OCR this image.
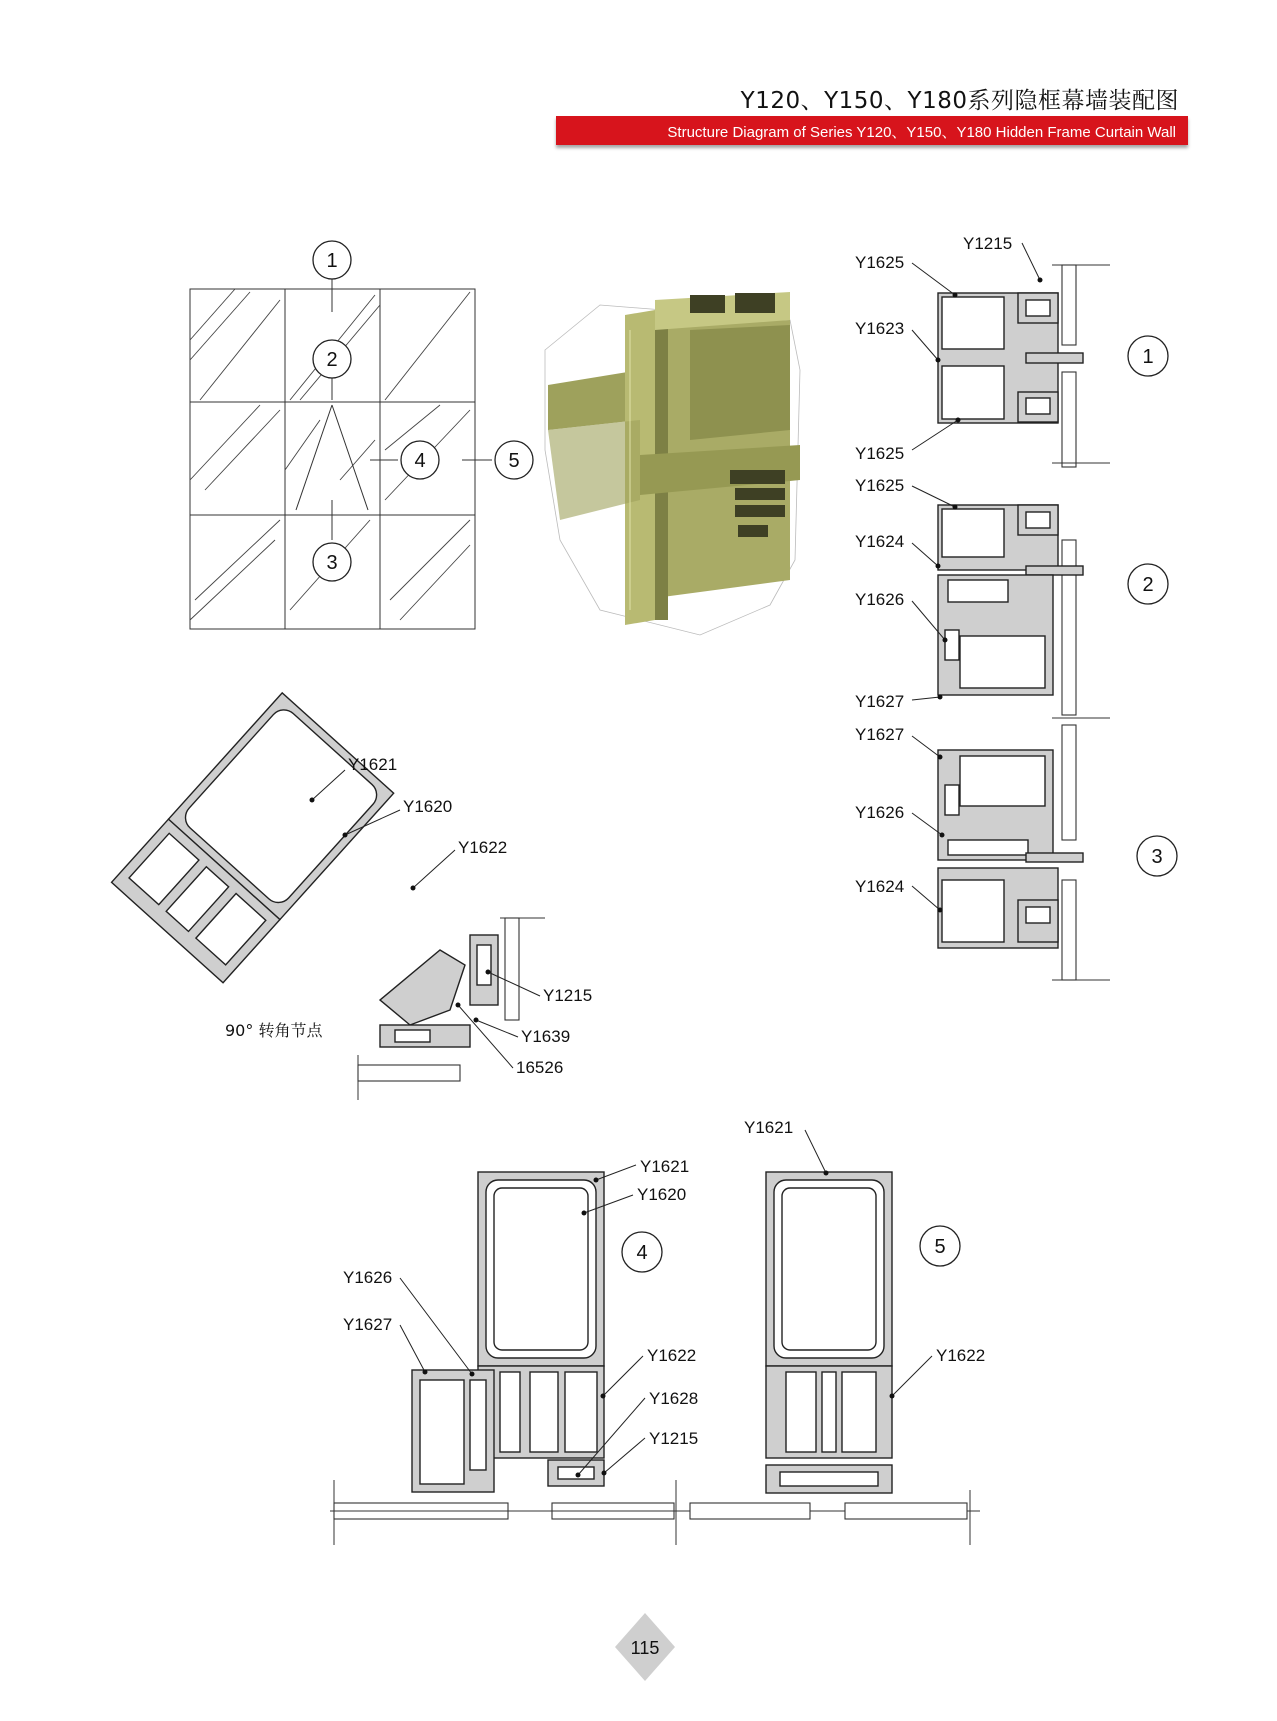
Y120、Y150、Y180系列隐框幕墙装配图
Structure Diagram of Series Y120、Y150、Y180 Hidden Frame Curtain Wall
1
2
3
4	5
Y1215
Y1625
Y1623
Y1625
Y1625
Y1624
Y1626
Y1627
Y1627
Y1626
Y1624
1
2
3
Y1621
Y1620
Y1622
Y1215
Y1639
16526
90° 转角节点
Y1621
Y1620
Y1626
Y1627
Y1622
Y1628
Y1215
4
Y1621
Y1622
5
115
